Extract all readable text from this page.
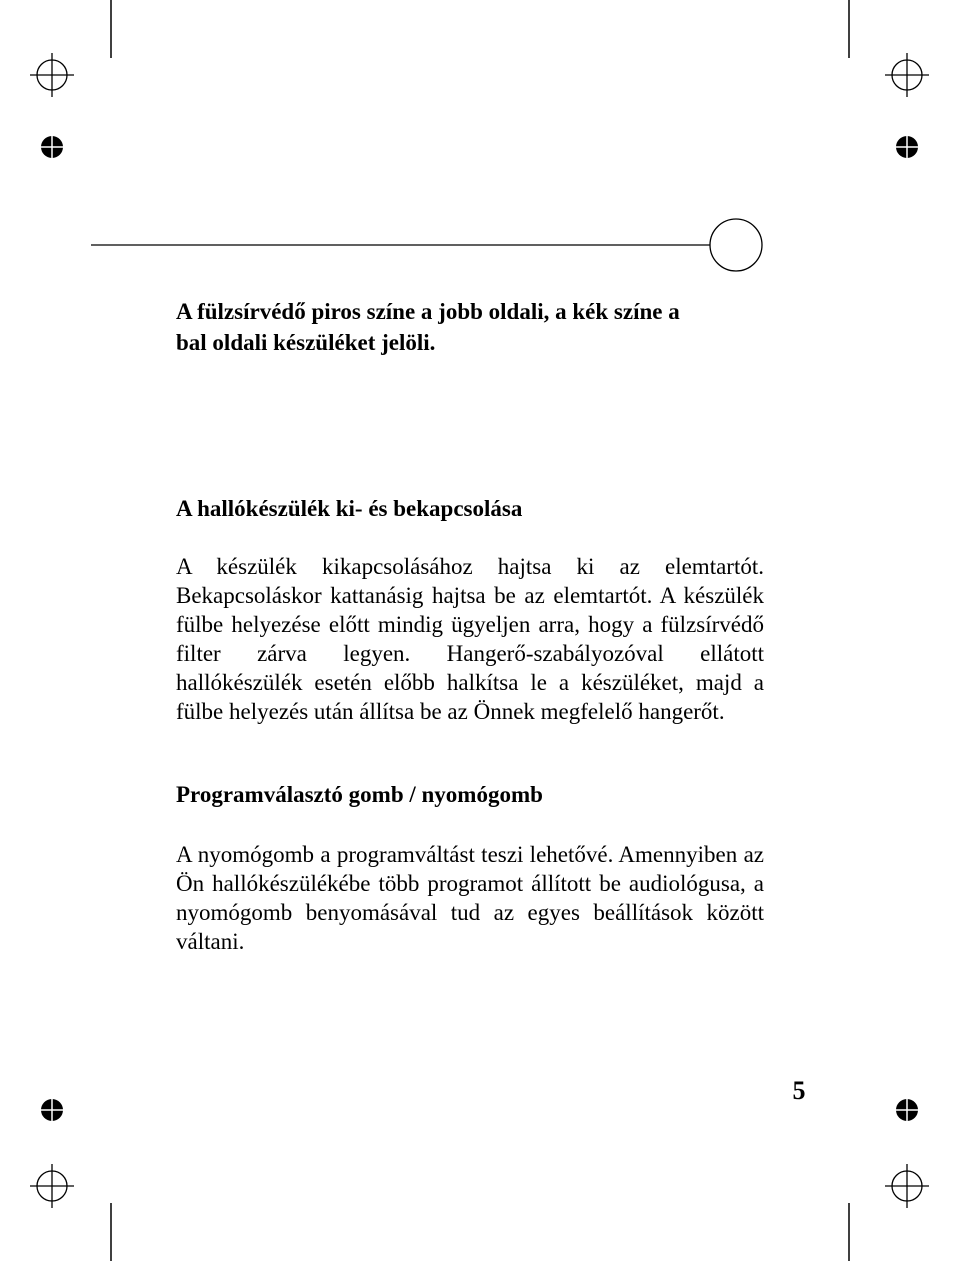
A fülzsírvédő piros színe a jobb oldali, a kék színe a
bal oldali készüléket jelöli.

A hallókészülék ki- és bekapcsolása

A készülék kikapcsolásához hajtsa ki az elemtartót. Bekapcsoláskor kattanásig hajtsa be az elemtartót. A készülék fülbe helyezése előtt mindig ügyeljen arra, hogy a fülzsírvédő filter zárva legyen. Hangerő-szabályozóval ellátott hallókészülék esetén előbb halkítsa le a készüléket, majd a fülbe helyezés után állítsa be az Önnek megfelelő hangerőt.

Programválasztó gomb / nyomógomb

A nyomógomb a programváltást teszi lehetővé. Amennyiben az Ön hallókészülékébe több programot állított be audiológusa, a nyomógomb benyomásával tud az egyes beállítások között váltani.

5
